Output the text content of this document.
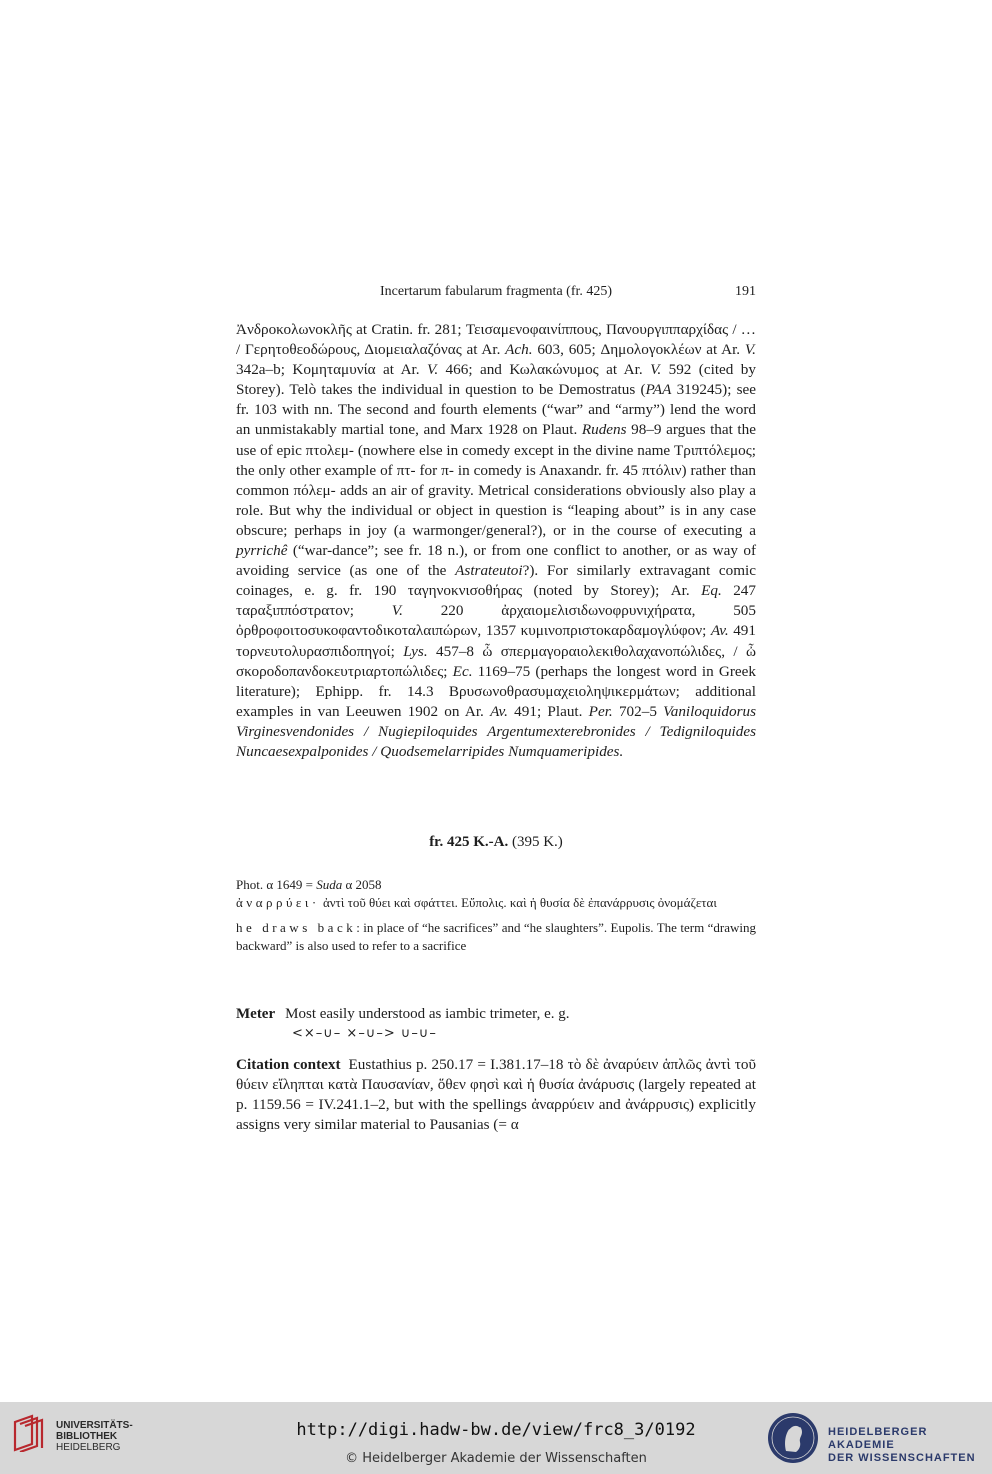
Incertarum fabularum fragmenta (fr. 425)	191
Ἀνδροκολωνοκλῆς at Cratin. fr. 281; Τεισαμενοφαινίππους, Πανουργιππαρχίδας / … / Γερητοθεοδώρους, Διομειαλαζόνας at Ar. Ach. 603, 605; Δημολογοκλέων at Ar. V. 342a–b; Κομηταμυνία at Ar. V. 466; and Κωλακώνυμος at Ar. V. 592 (cited by Storey). Telò takes the individual in question to be Demostratus (PAA 319245); see fr. 103 with nn. The second and fourth elements (“war” and “army”) lend the word an unmistakably martial tone, and Marx 1928 on Plaut. Rudens 98–9 argues that the use of epic πτολεμ- (nowhere else in comedy except in the divine name Τριπτόλεμος; the only other example of πτ- for π- in comedy is Anaxandr. fr. 45 πτόλιν) rather than common πόλεμ- adds an air of gravity. Metrical considerations obviously also play a role. But why the individual or object in question is “leaping about” is in any case obscure; perhaps in joy (a warmonger/general?), or in the course of executing a pyrrichê (“war-dance”; see fr. 18 n.), or from one conflict to another, or as way of avoiding service (as one of the Astrateutoi?). For similarly extravagant comic coinages, e. g. fr. 190 ταγηνοκνισοθήρας (noted by Storey); Ar. Eq. 247 ταραξιππόστρατον; V. 220 ἀρχαιομελισιδωνοφρυνιχήρατα, 505 ὀρθροφοιτοσυκοφαντοδικοταλαιπώρων, 1357 κυμινοπριστοκαρδαμογλύφον; Av. 491 τορνευτολυρασπιδοπηγοί; Lys. 457–8 ὦ σπερμαγοραιολεκιθολαχανοπώλιδες, / ὦ σκοροδοπανδοκευτριαρτοπώλιδες; Ec. 1169–75 (perhaps the longest word in Greek literature); Ephipp. fr. 14.3 Βρυσωνοθρασυμαχειοληψικερμάτων; additional examples in van Leeuwen 1902 on Ar. Av. 491; Plaut. Per. 702–5 Vaniloquidorus Virginesvendonides / Nugiepiloquides Argentumexterebronides / Tedigniloquides Nuncaesexpalponides / Quodsemelarripides Numquameripides.
fr. 425 K.-A. (395 K.)
Phot. α 1649 = Suda α 2058
ἀναρρύει· ἀντὶ τοῦ θύει καὶ σφάττει. Εὔπολις. καὶ ἡ θυσία δὲ ἐπανάρρυσις ὀνομάζεται
he draws back: in place of “he sacrifices” and “he slaughters”. Eupolis. The term “drawing backward” is also used to refer to a sacrifice
Meter Most easily understood as iambic trimeter, e. g.
<×–∪– ×–∪–> ∪–∪–
Citation context Eustathius p. 250.17 = I.381.17–18 τὸ δὲ ἀναρύειν ἁπλῶς ἀντὶ τοῦ θύειν εἴληπται κατὰ Παυσανίαν, ὅθεν φησὶ καὶ ἡ θυσία ἀνάρυσις (largely repeated at p. 1159.56 = IV.241.1–2, but with the spellings ἀναρρύειν and ἀνάρρυσις) explicitly assigns very similar material to Pausanias (= α
UNIVERSITÄTS-
BIBLIOTHEK
HEIDELBERG
http://digi.hadw-bw.de/view/frc8_3/0192
© Heidelberger Akademie der Wissenschaften
HEIDELBERGER AKADEMIE
DER WISSENSCHAFTEN
